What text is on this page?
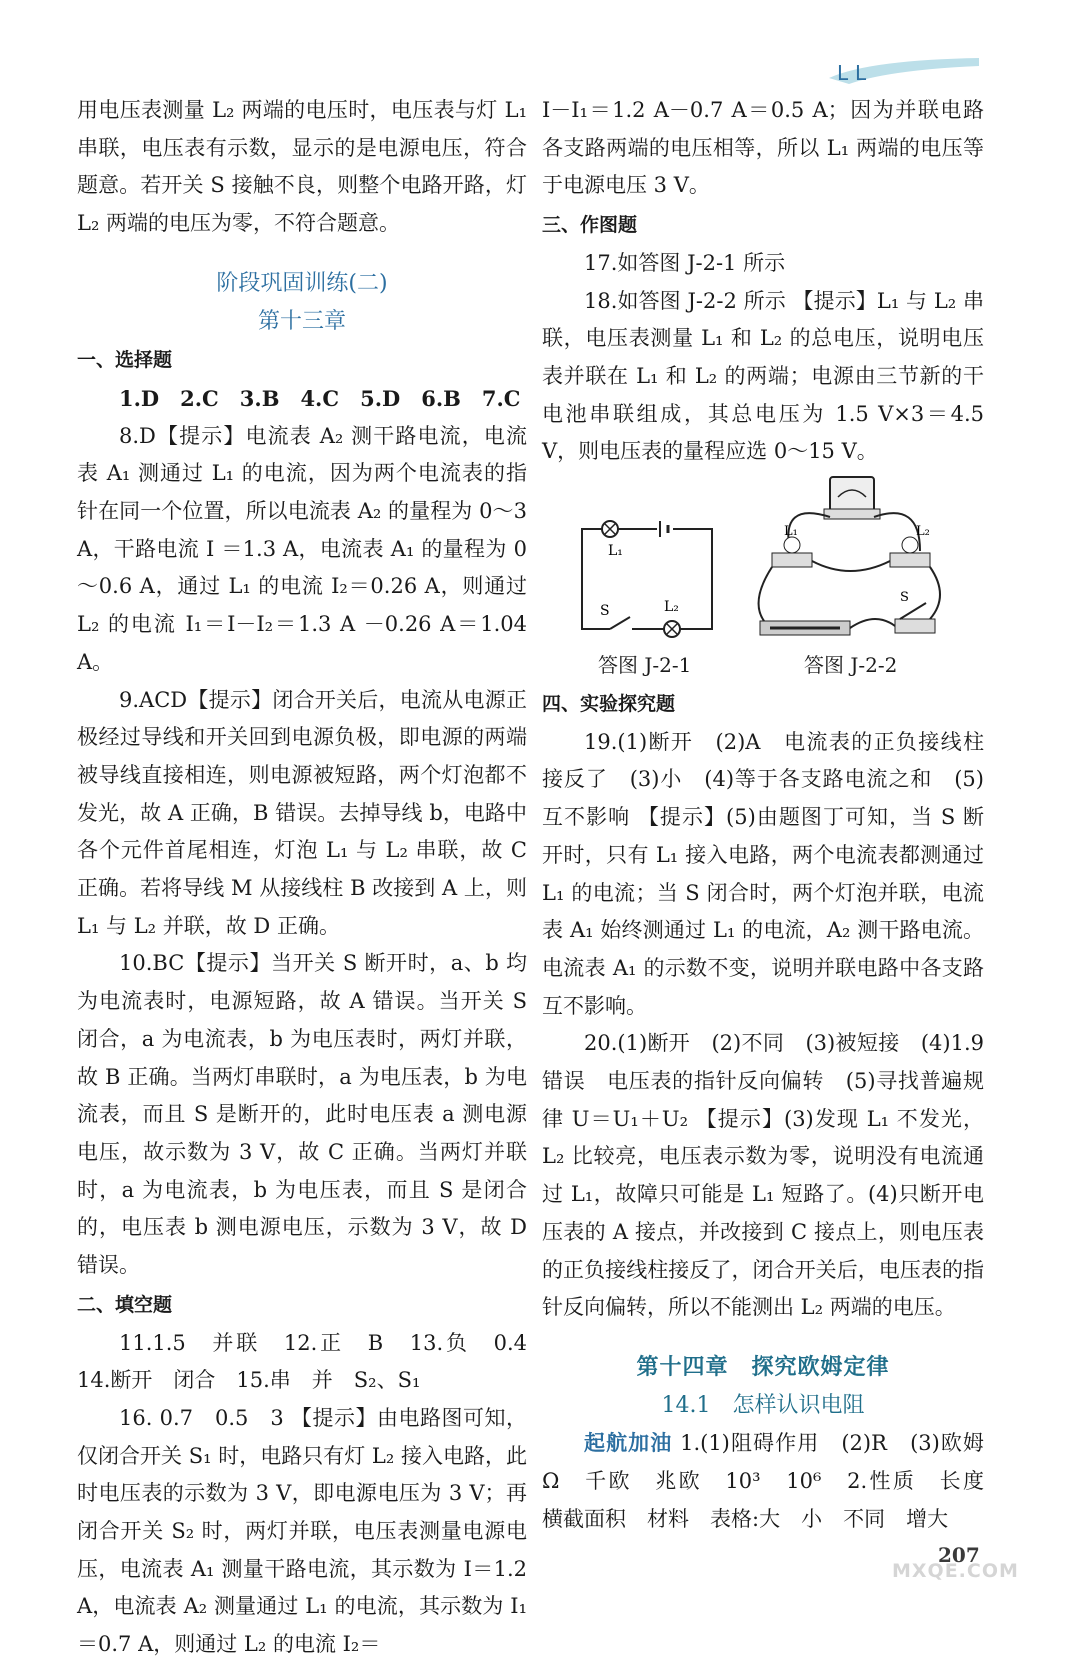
L L

用电压表测量 L₂ 两端的电压时，电压表与灯 L₁ 串联，电压表有示数，显示的是电源电压，符合题意。若开关 S 接触不良，则整个电路开路，灯 L₂ 两端的电压为零，不符合题意。

阶段巩固训练(二)

第十三章

一、选择题

1.D　2.C　3.B　4.C　5.D　6.B　7.C

8.D【提示】电流表 A₂ 测干路电流，电流表 A₁ 测通过 L₁ 的电流，因为两个电流表的指针在同一个位置，所以电流表 A₂ 的量程为 0～3 A，干路电流 I ＝1.3 A，电流表 A₁ 的量程为 0～0.6 A，通过 L₁ 的电流 I₂＝0.26 A，则通过 L₂ 的电流 I₁＝I－I₂＝1.3 A －0.26 A＝1.04 A。

9.ACD【提示】闭合开关后，电流从电源正极经过导线和开关回到电源负极，即电源的两端被导线直接相连，则电源被短路，两个灯泡都不发光，故 A 正确，B 错误。去掉导线 b，电路中各个元件首尾相连，灯泡 L₁ 与 L₂ 串联，故 C 正确。若将导线 M 从接线柱 B 改接到 A 上，则 L₁ 与 L₂ 并联，故 D 正确。

10.BC【提示】当开关 S 断开时，a、b 均为电流表时，电源短路，故 A 错误。当开关 S 闭合，a 为电流表，b 为电压表时，两灯并联，故 B 正确。当两灯串联时，a 为电压表，b 为电流表，而且 S 是断开的，此时电压表 a 测电源电压，故示数为 3 V，故 C 正确。当两灯并联时，a 为电流表，b 为电压表，而且 S 是闭合的，电压表 b 测电源电压，示数为 3 V，故 D 错误。

二、填空题

11.1.5　并联　12.正　B　13.负　0.4　14.断开　闭合　15.串　并　S₂、S₁

16. 0.7　0.5　3 【提示】由电路图可知，仅闭合开关 S₁ 时，电路只有灯 L₂ 接入电路，此时电压表的示数为 3 V，即电源电压为 3 V；再闭合开关 S₂ 时，两灯并联，电压表测量电源电压，电流表 A₁ 测量干路电流，其示数为 I＝1.2 A，电流表 A₂ 测量通过 L₁ 的电流，其示数为 I₁＝0.7 A，则通过 L₂ 的电流 I₂＝

I－I₁＝1.2 A－0.7 A＝0.5 A；因为并联电路各支路两端的电压相等，所以 L₁ 两端的电压等于电源电压 3 V。

三、作图题

17.如答图 J-2-1 所示

18.如答图 J-2-2 所示 【提示】L₁ 与 L₂ 串联，电压表测量 L₁ 和 L₂ 的总电压，说明电压表并联在 L₁ 和 L₂ 的两端；电源由三节新的干电池串联组成，其总电压为 1.5 V×3＝4.5 V，则电压表的量程应选 0～15 V。

L₁
S	L₂
L₁	L₂
S
答图 J-2-1	答图 J-2-2

四、实验探究题

19.(1)断开　(2)A　电流表的正负接线柱接反了　(3)小　(4)等于各支路电流之和　(5)互不影响 【提示】(5)由题图丁可知，当 S 断开时，只有 L₁ 接入电路，两个电流表都测通过 L₁ 的电流；当 S 闭合时，两个灯泡并联，电流表 A₁ 始终测通过 L₁ 的电流，A₂ 测干路电流。电流表 A₁ 的示数不变，说明并联电路中各支路互不影响。

20.(1)断开　(2)不同　(3)被短接　(4)1.9 错误　电压表的指针反向偏转　(5)寻找普遍规律 U＝U₁＋U₂ 【提示】(3)发现 L₁ 不发光，L₂ 比较亮，电压表示数为零，说明没有电流通过 L₁，故障只可能是 L₁ 短路了。(4)只断开电压表的 A 接点，并改接到 C 接点上，则电压表的正负接线柱接反了，闭合开关后，电压表的指针反向偏转，所以不能测出 L₂ 两端的电压。

第十四章　探究欧姆定律

14.1　怎样认识电阻

起航加油 1.(1)阻碍作用　(2)R　(3)欧姆 Ω　千欧　兆欧　10³　10⁶　2.性质　长度　横截面积　材料　表格:大　小　不同　增大

207
MXQE.COM
